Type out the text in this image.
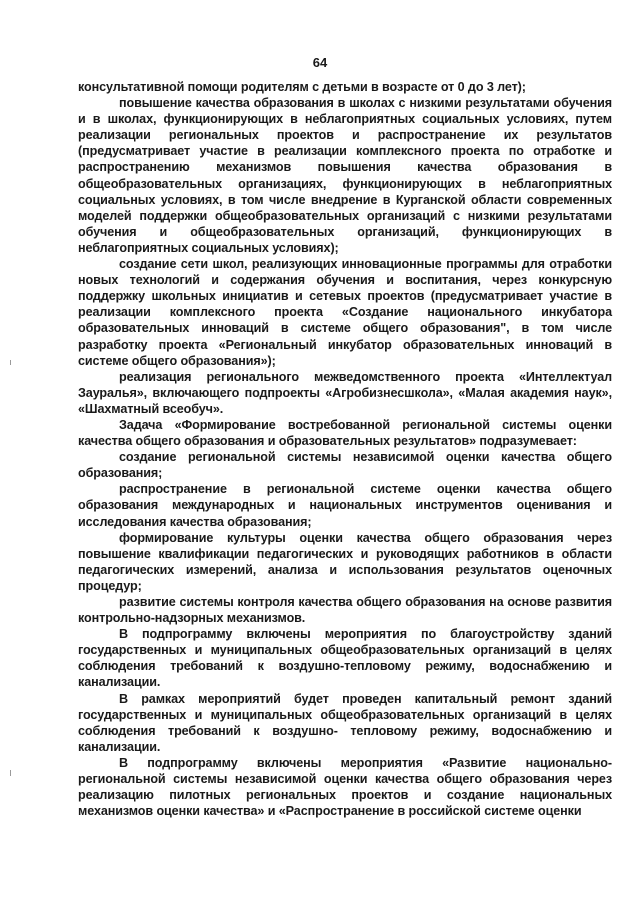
64

консультативной помощи родителям с детьми в возрасте от 0 до 3 лет);

повышение качества образования в школах с низкими результатами обучения и в школах, функционирующих в неблагоприятных социальных условиях, путем реализации региональных проектов и распространение их результатов (предусматривает участие в реализации комплексного проекта по отработке и распространению механизмов повышения качества образования в общеобразовательных организациях, функционирующих в неблагоприятных социальных условиях, в том числе внедрение в Курганской области современных моделей поддержки общеобразовательных организаций с низкими результатами обучения и общеобразовательных организаций, функционирующих в неблагоприятных социальных условиях);

создание сети школ, реализующих инновационные программы для отработки новых технологий и содержания обучения и воспитания, через конкурсную поддержку школьных инициатив и сетевых проектов (предусматривает участие в реализации комплексного проекта «Создание национального инкубатора образовательных инноваций в системе общего образования", в том числе разработку проекта «Региональный инкубатор образовательных инноваций в системе общего образования»);

реализация регионального межведомственного проекта «Интеллектуал Зауралья», включающего подпроекты «Агробизнесшкола», «Малая академия наук», «Шахматный всеобуч».

Задача «Формирование востребованной региональной системы оценки качества общего образования и образовательных результатов» подразумевает:

создание региональной системы независимой оценки качества общего образования;

распространение в региональной системе оценки качества общего образования международных и национальных инструментов оценивания и исследования качества образования;

формирование культуры оценки качества общего образования через повышение квалификации педагогических и руководящих работников в области педагогических измерений, анализа и использования результатов оценочных процедур;

развитие системы контроля качества общего образования на основе развития контрольно-надзорных механизмов.

В подпрограмму включены мероприятия по благоустройству зданий государственных и муниципальных общеобразовательных организаций в целях соблюдения требований к воздушно-тепловому режиму, водоснабжению и канализации.

В рамках мероприятий будет проведен капитальный ремонт зданий государственных и муниципальных общеобразовательных организаций в целях соблюдения требований к воздушно- тепловому режиму, водоснабжению и канализации.

В подпрограмму включены мероприятия «Развитие национально-региональной системы независимой оценки качества общего образования через реализацию пилотных региональных проектов и создание национальных механизмов оценки качества» и «Распространение в российской системе оценки
